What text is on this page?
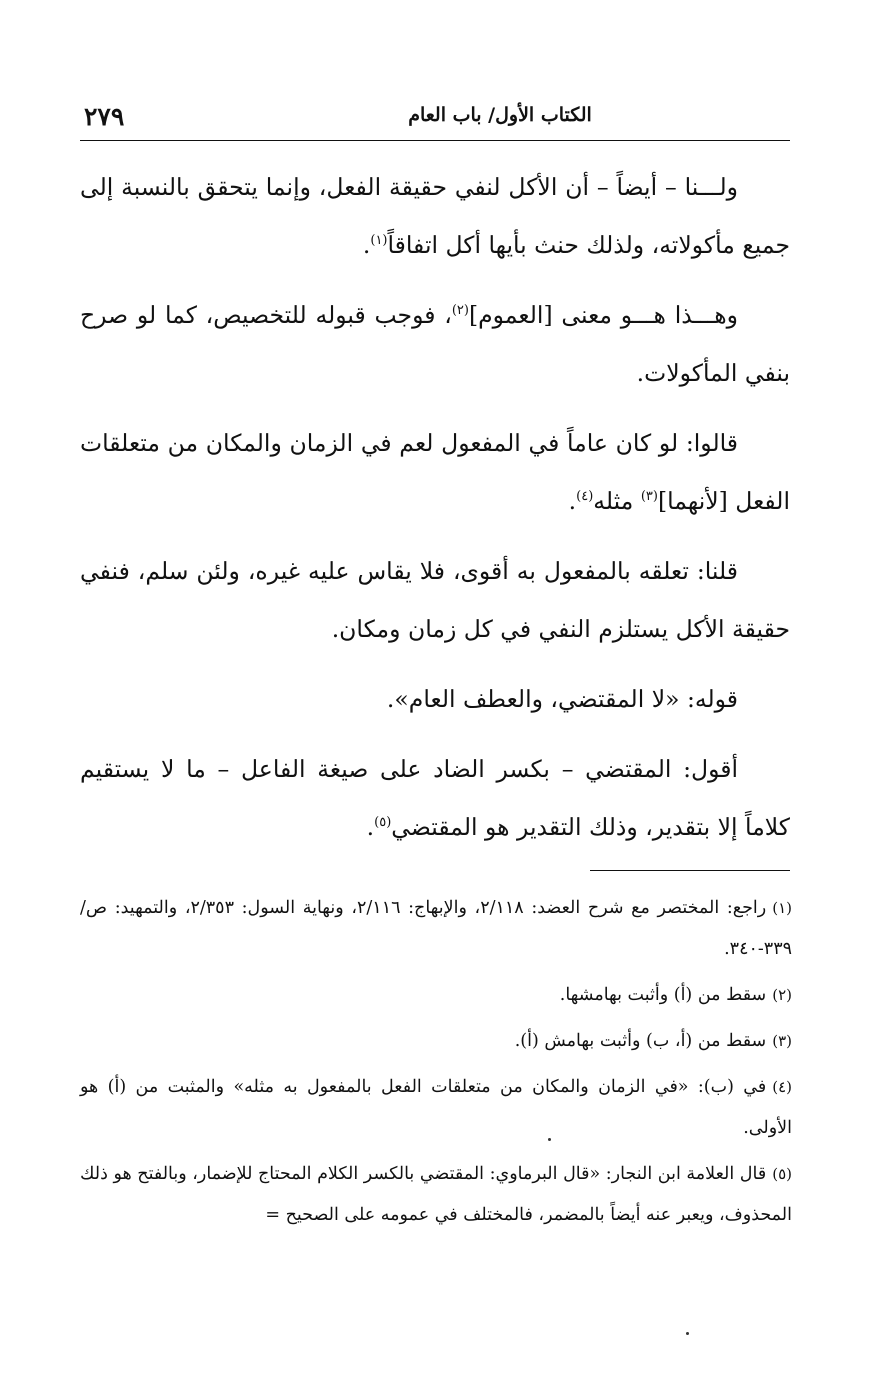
٢٧٩	الكتاب الأول/ باب العام

ولـــنا – أيضاً – أن الأكل لنفي حقيقة الفعل، وإنما يتحقق بالنسبة إلى جميع مأكولاته، ولذلك حنث بأيها أكل اتفاقاً$^{(١)}$.

وهـــذا هـــو معنى [العموم]$^{(٢)}$، فوجب قبوله للتخصيص، كما لو صرح بنفي المأكولات.

قالوا: لو كان عاماً في المفعول لعم في الزمان والمكان من متعلقات الفعل [لأنهما]$^{(٣)}$ مثله$^{(٤)}$.

قلنا: تعلقه بالمفعول به أقوى، فلا يقاس عليه غيره، ولئن سلم، فنفي حقيقة الأكل يستلزم النفي في كل زمان ومكان.

قوله: «لا المقتضي، والعطف العام».

أقول: المقتضي – بكسر الضاد على صيغة الفاعل – ما لا يستقيم كلاماً إلا بتقدير، وذلك التقدير هو المقتضي$^{(٥)}$.

(١)راجع: المختصر مع شرح العضد: ٢/١١٨، والإبهاج: ٢/١١٦، ونهاية السول: ٢/٣٥٣، والتمهيد: ص/٣٣٩-٣٤٠.

(٢)سقط من (أ) وأثبت بهامشها.

(٣)سقط من (أ، ب) وأثبت بهامش (أ).

(٤)في (ب): «في الزمان والمكان من متعلقات الفعل بالمفعول به مثله» والمثبت من (أ) هو الأولى.

(٥)قال العلامة ابن النجار: «قال البرماوي: المقتضي بالكسر الكلام المحتاج للإضمار، وبالفتح هو ذلك المحذوف، ويعبر عنه أيضاً بالمضمر، فالمختلف في عمومه على الصحيح =
